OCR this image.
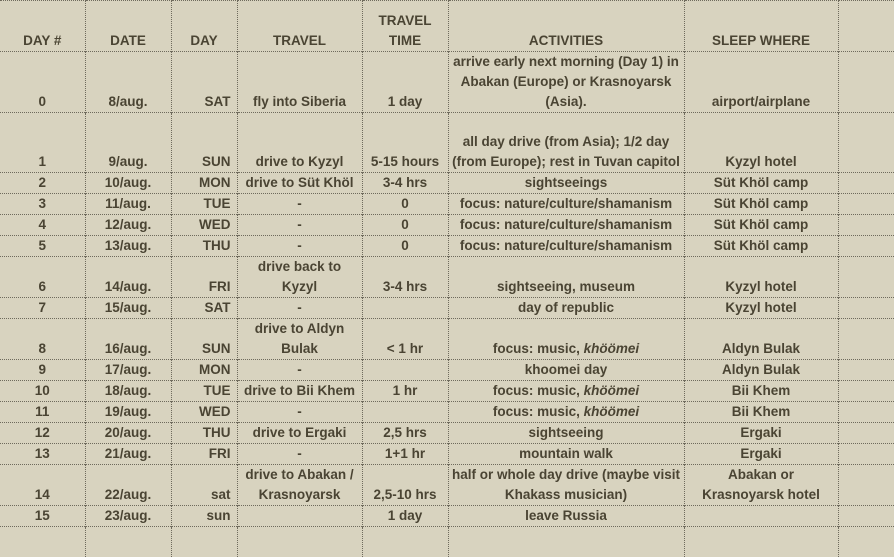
DAY #	DATE	DAY	TRAVEL	TRAVEL TIME	ACTIVITIES	SLEEP WHERE	
0	8/aug.	SAT	fly into Siberia	1 day	arrive early next morning (Day 1) in Abakan (Europe) or Krasnoyarsk (Asia).	airport/airplane	
1	9/aug.	SUN	drive to Kyzyl	5-15 hours	all day drive (from Asia); 1/2 day (from Europe); rest in Tuvan capitol	Kyzyl hotel	
2	10/aug.	MON	drive to Süt Khöl	3-4 hrs	sightseeings	Süt Khöl camp	
3	11/aug.	TUE	-	0	focus: nature/culture/shamanism	Süt Khöl camp	
4	12/aug.	WED	-	0	focus: nature/culture/shamanism	Süt Khöl camp	
5	13/aug.	THU	-	0	focus: nature/culture/shamanism	Süt Khöl camp	
6	14/aug.	FRI	drive back to Kyzyl	3-4 hrs	sightseeing, museum	Kyzyl hotel	
7	15/aug.	SAT	-		day of republic	Kyzyl hotel	
8	16/aug.	SUN	drive to Aldyn Bulak	< 1 hr	focus: music, khöömei	Aldyn Bulak	
9	17/aug.	MON	-		khoomei day	Aldyn Bulak	
10	18/aug.	TUE	drive to Bii Khem	1 hr	focus: music, khöömei	Bii Khem	
11	19/aug.	WED	-		focus: music, khöömei	Bii Khem	
12	20/aug.	THU	drive to Ergaki	2,5 hrs	sightseeing	Ergaki	
13	21/aug.	FRI	-	1+1 hr	mountain walk	Ergaki	
14	22/aug.	sat	drive to Abakan / Krasnoyarsk	2,5-10 hrs	half or whole day drive (maybe visit Khakass musician)	Abakan or Krasnoyarsk hotel	
15	23/aug.	sun		1 day	leave Russia		
